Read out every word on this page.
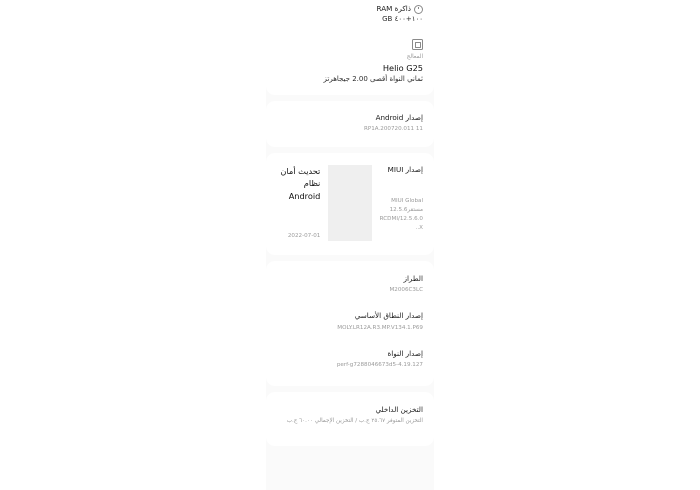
ذاكرة RAM
١٠٠+٤٠٠ GB
المعالج
Helio G25
ثماني النواة أقصى 2.00 جيجاهرتز
إصدار Android
11 RP1A.200720.011
إصدار MIUI
MIUI Global
مستقر12.5.6
12.5.6.0/RCDMIX..
تحديث أمان نظام Android
2022-07-01
الطراز
M2006C3LC
إصدار النطاق الأساسي
MOLY.LR12A.R3.MP.V134.1.P69
إصدار النواة
4.19.127-perf-g7288046673d5
التخزين الداخلي
التخزين المتوفر ٢٥.٦٧ ج.ب / التخزين الإجمالي ٦٠.٠٠ ج.ب
